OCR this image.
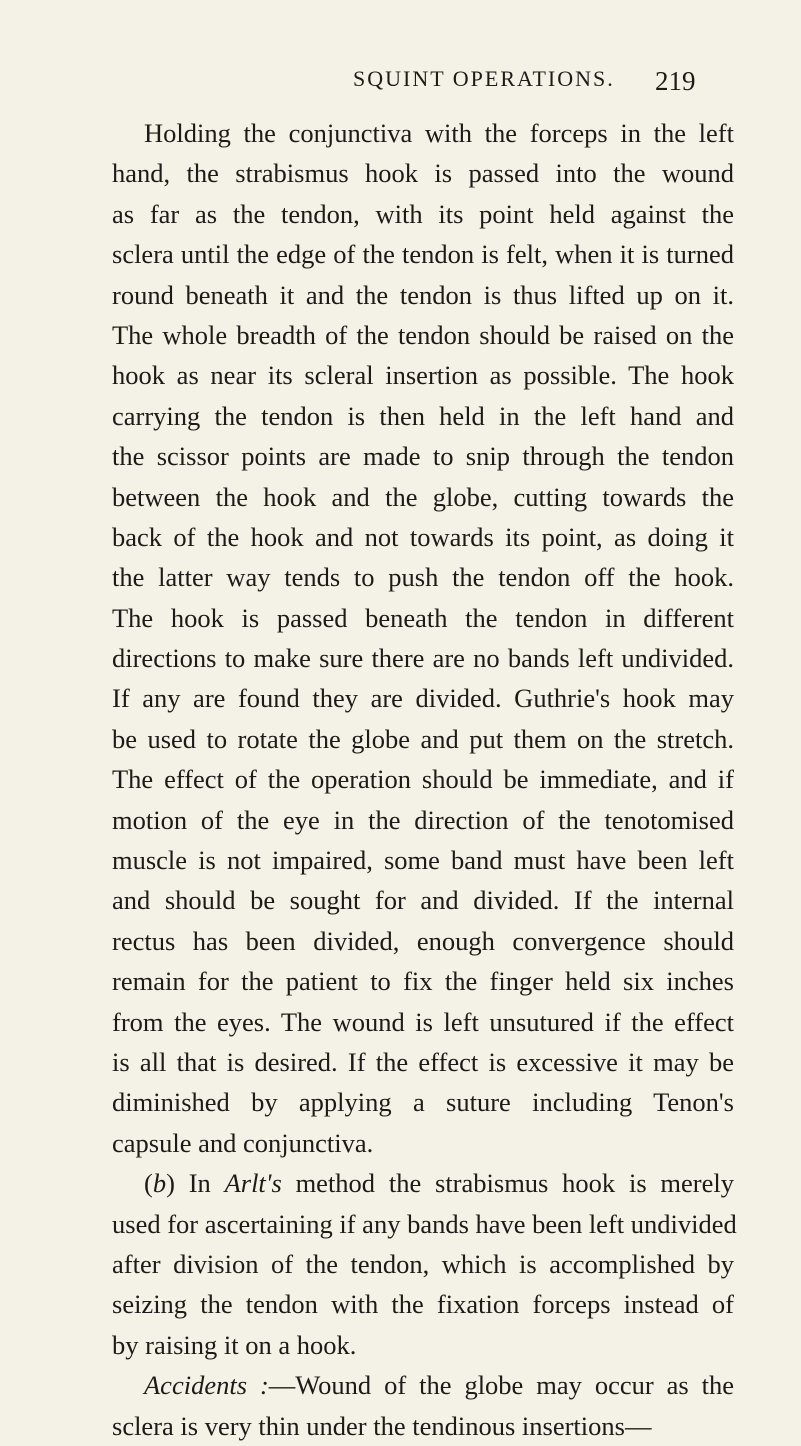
SQUINT OPERATIONS. 219
Holding the conjunctiva with the forceps in the left
hand, the strabismus hook is passed into the wound
as far as the tendon, with its point held against the
sclera until the edge of the tendon is felt, when it is turned
round beneath it and the tendon is thus lifted up on it.
The whole breadth of the tendon should be raised on the
hook as near its scleral insertion as possible. The hook
carrying the tendon is then held in the left hand and
the scissor points are made to snip through the tendon
between the hook and the globe, cutting towards the
back of the hook and not towards its point, as doing it
the latter way tends to push the tendon off the hook.
The hook is passed beneath the tendon in different
directions to make sure there are no bands left undivided.
If any are found they are divided. Guthrie's hook may
be used to rotate the globe and put them on the stretch.
The effect of the operation should be immediate, and if
motion of the eye in the direction of the tenotomised
muscle is not impaired, some band must have been left
and should be sought for and divided. If the internal
rectus has been divided, enough convergence should
remain for the patient to fix the finger held six inches
from the eyes. The wound is left unsutured if the effect
is all that is desired. If the effect is excessive it may be
diminished by applying a suture including Tenon's
capsule and conjunctiva.
(b) In Arlt's method the strabismus hook is merely
used for ascertaining if any bands have been left undivided
after division of the tendon, which is accomplished by
seizing the tendon with the fixation forceps instead of
by raising it on a hook.
Accidents :—Wound of the globe may occur as the
sclera is very thin under the tendinous insertions—
